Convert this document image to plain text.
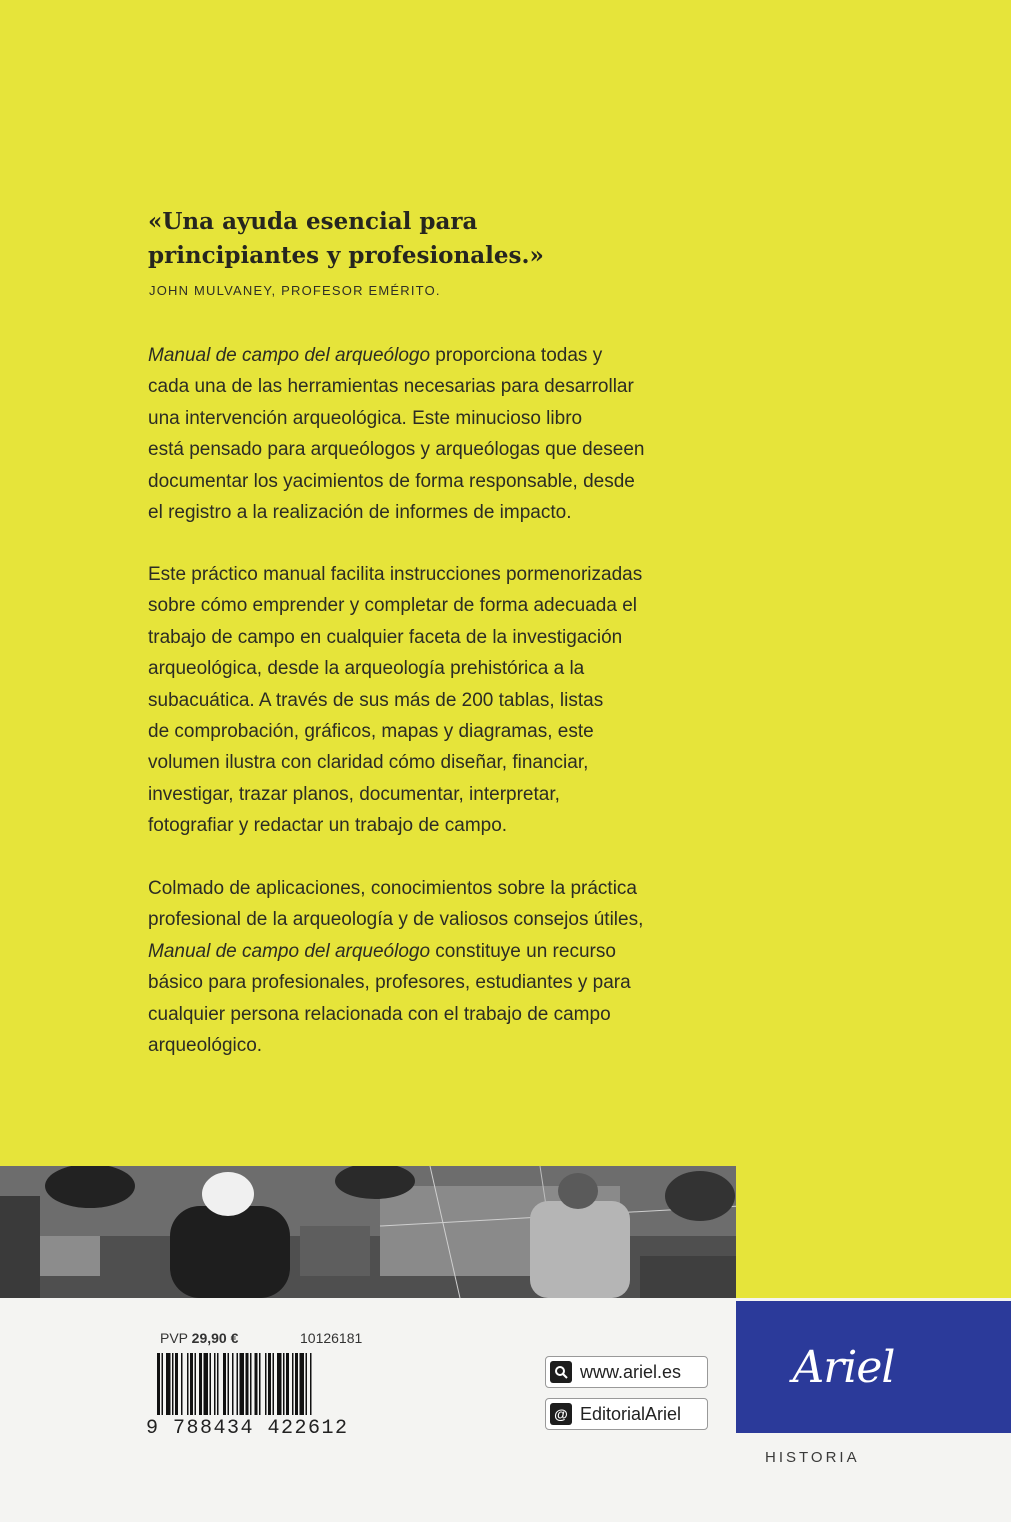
«Una ayuda esencial para
principiantes y profesionales.»
JOHN MULVANEY, PROFESOR EMÉRITO.
Manual de campo del arqueólogo proporciona todas y
cada una de las herramientas necesarias para desarrollar
una intervención arqueológica. Este minucioso libro
está pensado para arqueólogos y arqueólogas que deseen
documentar los yacimientos de forma responsable, desde
el registro a la realización de informes de impacto.
Este práctico manual facilita instrucciones pormenorizadas
sobre cómo emprender y completar de forma adecuada el
trabajo de campo en cualquier faceta de la investigación
arqueológica, desde la arqueología prehistórica a la
subacuática. A través de sus más de 200 tablas, listas
de comprobación, gráficos, mapas y diagramas, este
volumen ilustra con claridad cómo diseñar, financiar,
investigar, trazar planos, documentar, interpretar,
fotografiar y redactar un trabajo de campo.
Colmado de aplicaciones, conocimientos sobre la práctica
profesional de la arqueología y de valiosos consejos útiles,
Manual de campo del arqueólogo constituye un recurso
básico para profesionales, profesores, estudiantes y para
cualquier persona relacionada con el trabajo de campo
arqueológico.
PVP 29,90 €	10126181
9 788434 422612
www.ariel.es
@ EditorialAriel
Ariel
HISTORIA
